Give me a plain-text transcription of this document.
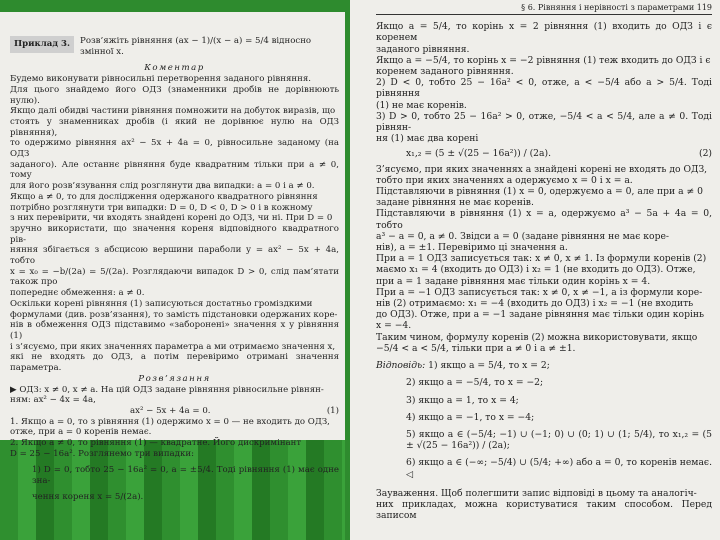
Приклад 3.	Розв’яжіть рівняння (ax − 1)/(x − a) = 5/4 відносно змінної x.

Коментар

Будемо виконувати рівносильні перетворення заданого рівняння.

Для цього знайдемо його ОДЗ (знаменники дробів не дорівнюють нулю).

Якщо далі обидві частини рівняння помножити на добуток виразів, що

стоять у знаменниках дробів (і який не дорівнює нулю на ОДЗ рівняння),

то одержимо рівняння ax² − 5x + 4a = 0, рівносильне заданому (на ОДЗ

заданого). Але останнє рівняння буде квадратним тільки при a ≠ 0, тому

для його розв’язування слід розглянути два випадки: a = 0 і a ≠ 0.

Якщо a ≠ 0, то для дослідження одержаного квадратного рівняння

потрібно розглянути три випадки: D = 0, D < 0, D > 0 і в кожному

з них перевірити, чи входять знайдені корені до ОДЗ, чи ні. При D = 0

зручно використати, що значення кореня відповідного квадратного рів-

няння збігається з абсцисою вершини параболи y = ax² − 5x + 4a, тобто

x = x₀ = −b/(2a) = 5/(2a). Розглядаючи випадок D > 0, слід пам’ятати також про

попереднє обмеження: a ≠ 0.

Оскільки корені рівняння (1) записуються достатньо громіздкими

формулами (див. розв’язання), то замість підстановки одержаних коре-

нів в обмеження ОДЗ підставимо «заборонені» значення x у рівняння (1)

і з’ясуємо, при яких значеннях параметра a ми отримаємо значення x,

які не входять до ОДЗ, а потім перевіримо отримані значення параметра.

Розв’язання

▶ ОДЗ: x ≠ 0, x ≠ a. На цій ОДЗ задане рівняння рівносильне рівнян-

ням: ax² − 4x = 4a,

ax² − 5x + 4a = 0.	(1)

1. Якщо a = 0, то з рівняння (1) одержимо x = 0 — не входить до ОДЗ,

отже, при a = 0 коренів немає.

2. Якщо a ≠ 0, то рівняння (1) — квадратне. Його дискримінант

D = 25 − 16a². Розглянемо три випадки:

1) D = 0, тобто 25 − 16a² = 0, a = ±5/4. Тоді рівняння (1) має одне зна-

чення кореня x = 5/(2a).

§ 6. Рівняння і нерівності з параметрами 119

Якщо a = 5/4, то корінь x = 2 рівняння (1) входить до ОДЗ і є коренем

заданого рівняння.

Якщо a = −5/4, то корінь x = −2 рівняння (1) теж входить до ОДЗ і є

коренем заданого рівняння.

2) D < 0, тобто 25 − 16a² < 0, отже, a < −5/4 або a > 5/4. Тоді рівняння

(1) не має коренів.

3) D > 0, тобто 25 − 16a² > 0, отже, −5/4 < a < 5/4, але a ≠ 0. Тоді рівнян-

ня (1) має два корені

x₁,₂ = (5 ± √(25 − 16a²)) / (2a).	(2)

З’ясуємо, при яких значеннях a знайдені корені не входять до ОДЗ,

тобто при яких значеннях a одержуємо x = 0 і x = a.

Підставляючи в рівняння (1) x = 0, одержуємо a = 0, але при a ≠ 0

задане рівняння не має коренів.

Підставляючи в рівняння (1) x = a, одержуємо a³ − 5a + 4a = 0, тобто

a³ − a = 0, a ≠ 0. Звідси a = 0 (задане рівняння не має коре-

нів), a = ±1. Перевіримо ці значення a.

При a = 1 ОДЗ записується так: x ≠ 0, x ≠ 1. Із формули коренів (2)

маємо x₁ = 4 (входить до ОДЗ) і x₂ = 1 (не входить до ОДЗ). Отже,

при a = 1 задане рівняння має тільки один корінь x = 4.

При a = −1 ОДЗ записується так: x ≠ 0, x ≠ −1, а із формули коре-

нів (2) отримаємо: x₁ = −4 (входить до ОДЗ) і x₂ = −1 (не входить

до ОДЗ). Отже, при a = −1 задане рівняння має тільки один корінь

x = −4.

Таким чином, формулу коренів (2) можна використовувати, якщо

−5/4 < a < 5/4, тільки при a ≠ 0 і a ≠ ±1.

Відповідь: 1) якщо a = 5/4, то x = 2;

2) якщо a = −5/4, то x = −2;

3) якщо a = 1, то x = 4;

4) якщо a = −1, то x = −4;

5) якщо a ∈ (−5/4; −1) ∪ (−1; 0) ∪ (0; 1) ∪ (1; 5/4), то x₁,₂ = (5 ± √(25 − 16a²)) / (2a);

6) якщо a ∈ (−∞; −5/4) ∪ (5/4; +∞) або a = 0, то коренів немає. ◁

Зауваження. Щоб полегшити запис відповіді в цьому та аналогіч-

них прикладах, можна користуватися таким способом. Перед записом
